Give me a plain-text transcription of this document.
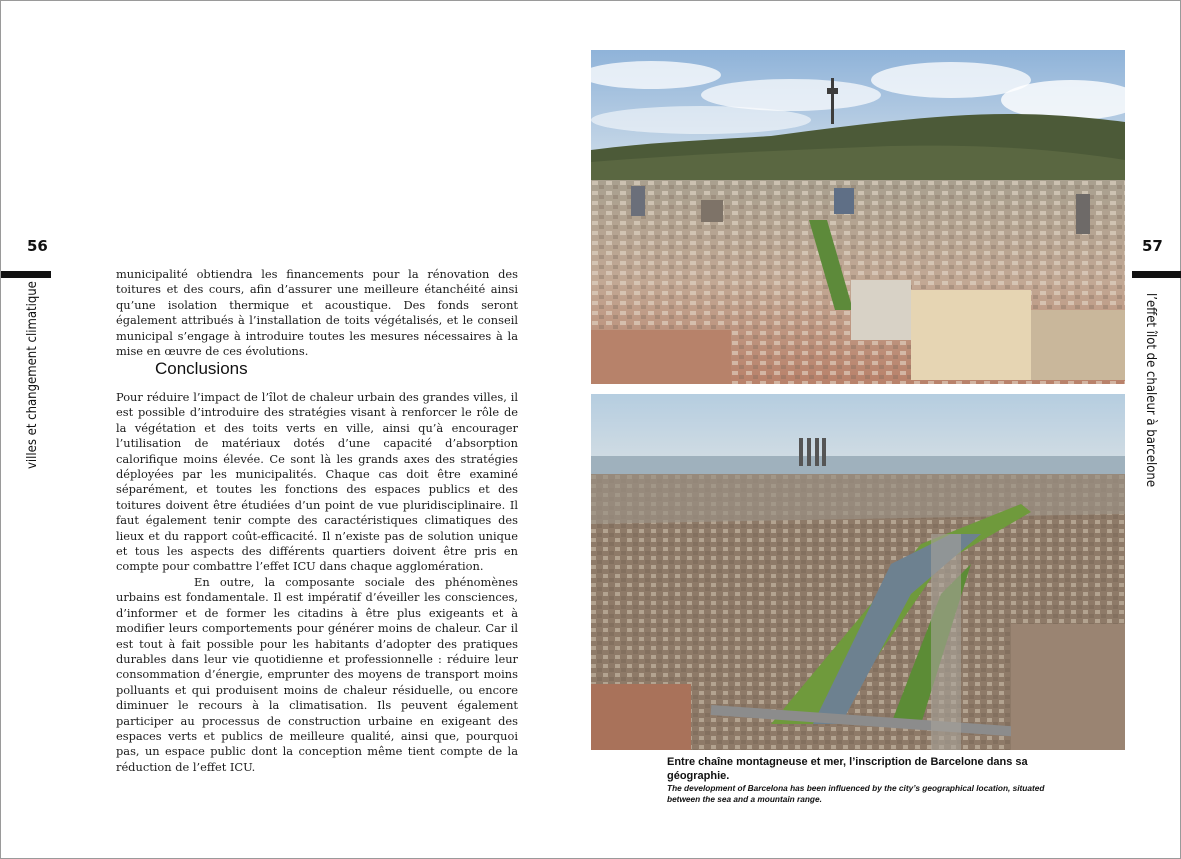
56
villes et changement climatique

municipalité obtiendra les financements pour la rénovation des toitures et des cours, afin d’assurer une meilleure étanchéité ainsi qu’une isolation thermique et acoustique. Des fonds seront également attribués à l’installation de toits végétalisés, et le conseil municipal s’engage à introduire toutes les mesures nécessaires à la mise en œuvre de ces évolutions.

Conclusions

Pour réduire l’impact de l’îlot de chaleur urbain des grandes villes, il est possible d’introduire des stratégies visant à renforcer le rôle de la végétation et des toits verts en ville, ainsi qu’à encourager l’utilisation de matériaux dotés d’une capacité d’absorption calorifique moins élevée. Ce sont là les grands axes des stratégies déployées par les municipalités. Chaque cas doit être examiné séparément, et toutes les fonctions des espaces publics et des toitures doivent être étudiées d’un point de vue pluridisciplinaire. Il faut également tenir compte des caractéristiques climatiques des lieux et du rapport coût-efficacité. Il n’existe pas de solution unique et tous les aspects des différents quartiers doivent être pris en compte pour combattre l’effet ICU dans chaque agglomération.

En outre, la composante sociale des phénomènes urbains est fondamentale. Il est impératif d’éveiller les consciences, d’informer et de former les citadins à être plus exigeants et à modifier leurs comportements pour générer moins de chaleur. Car il est tout à fait possible pour les habitants d’adopter des pratiques durables dans leur vie quotidienne et professionnelle : réduire leur consommation d’énergie, emprunter des moyens de transport moins polluants et qui produisent moins de chaleur résiduelle, ou encore diminuer le recours à la climatisation. Ils peuvent également participer au processus de construction urbaine en exigeant des espaces verts et publics de meilleure qualité, ainsi que, pourquoi pas, un espace public dont la conception même tient compte de la réduction de l’effet ICU.

57
l’effet îlot de chaleur à barcelone
Entre chaîne montagneuse et mer, l’inscription de Barcelone dans sa géographie.
The development of Barcelona has been influenced by the city’s geographical location, situated between the sea and a mountain range.
